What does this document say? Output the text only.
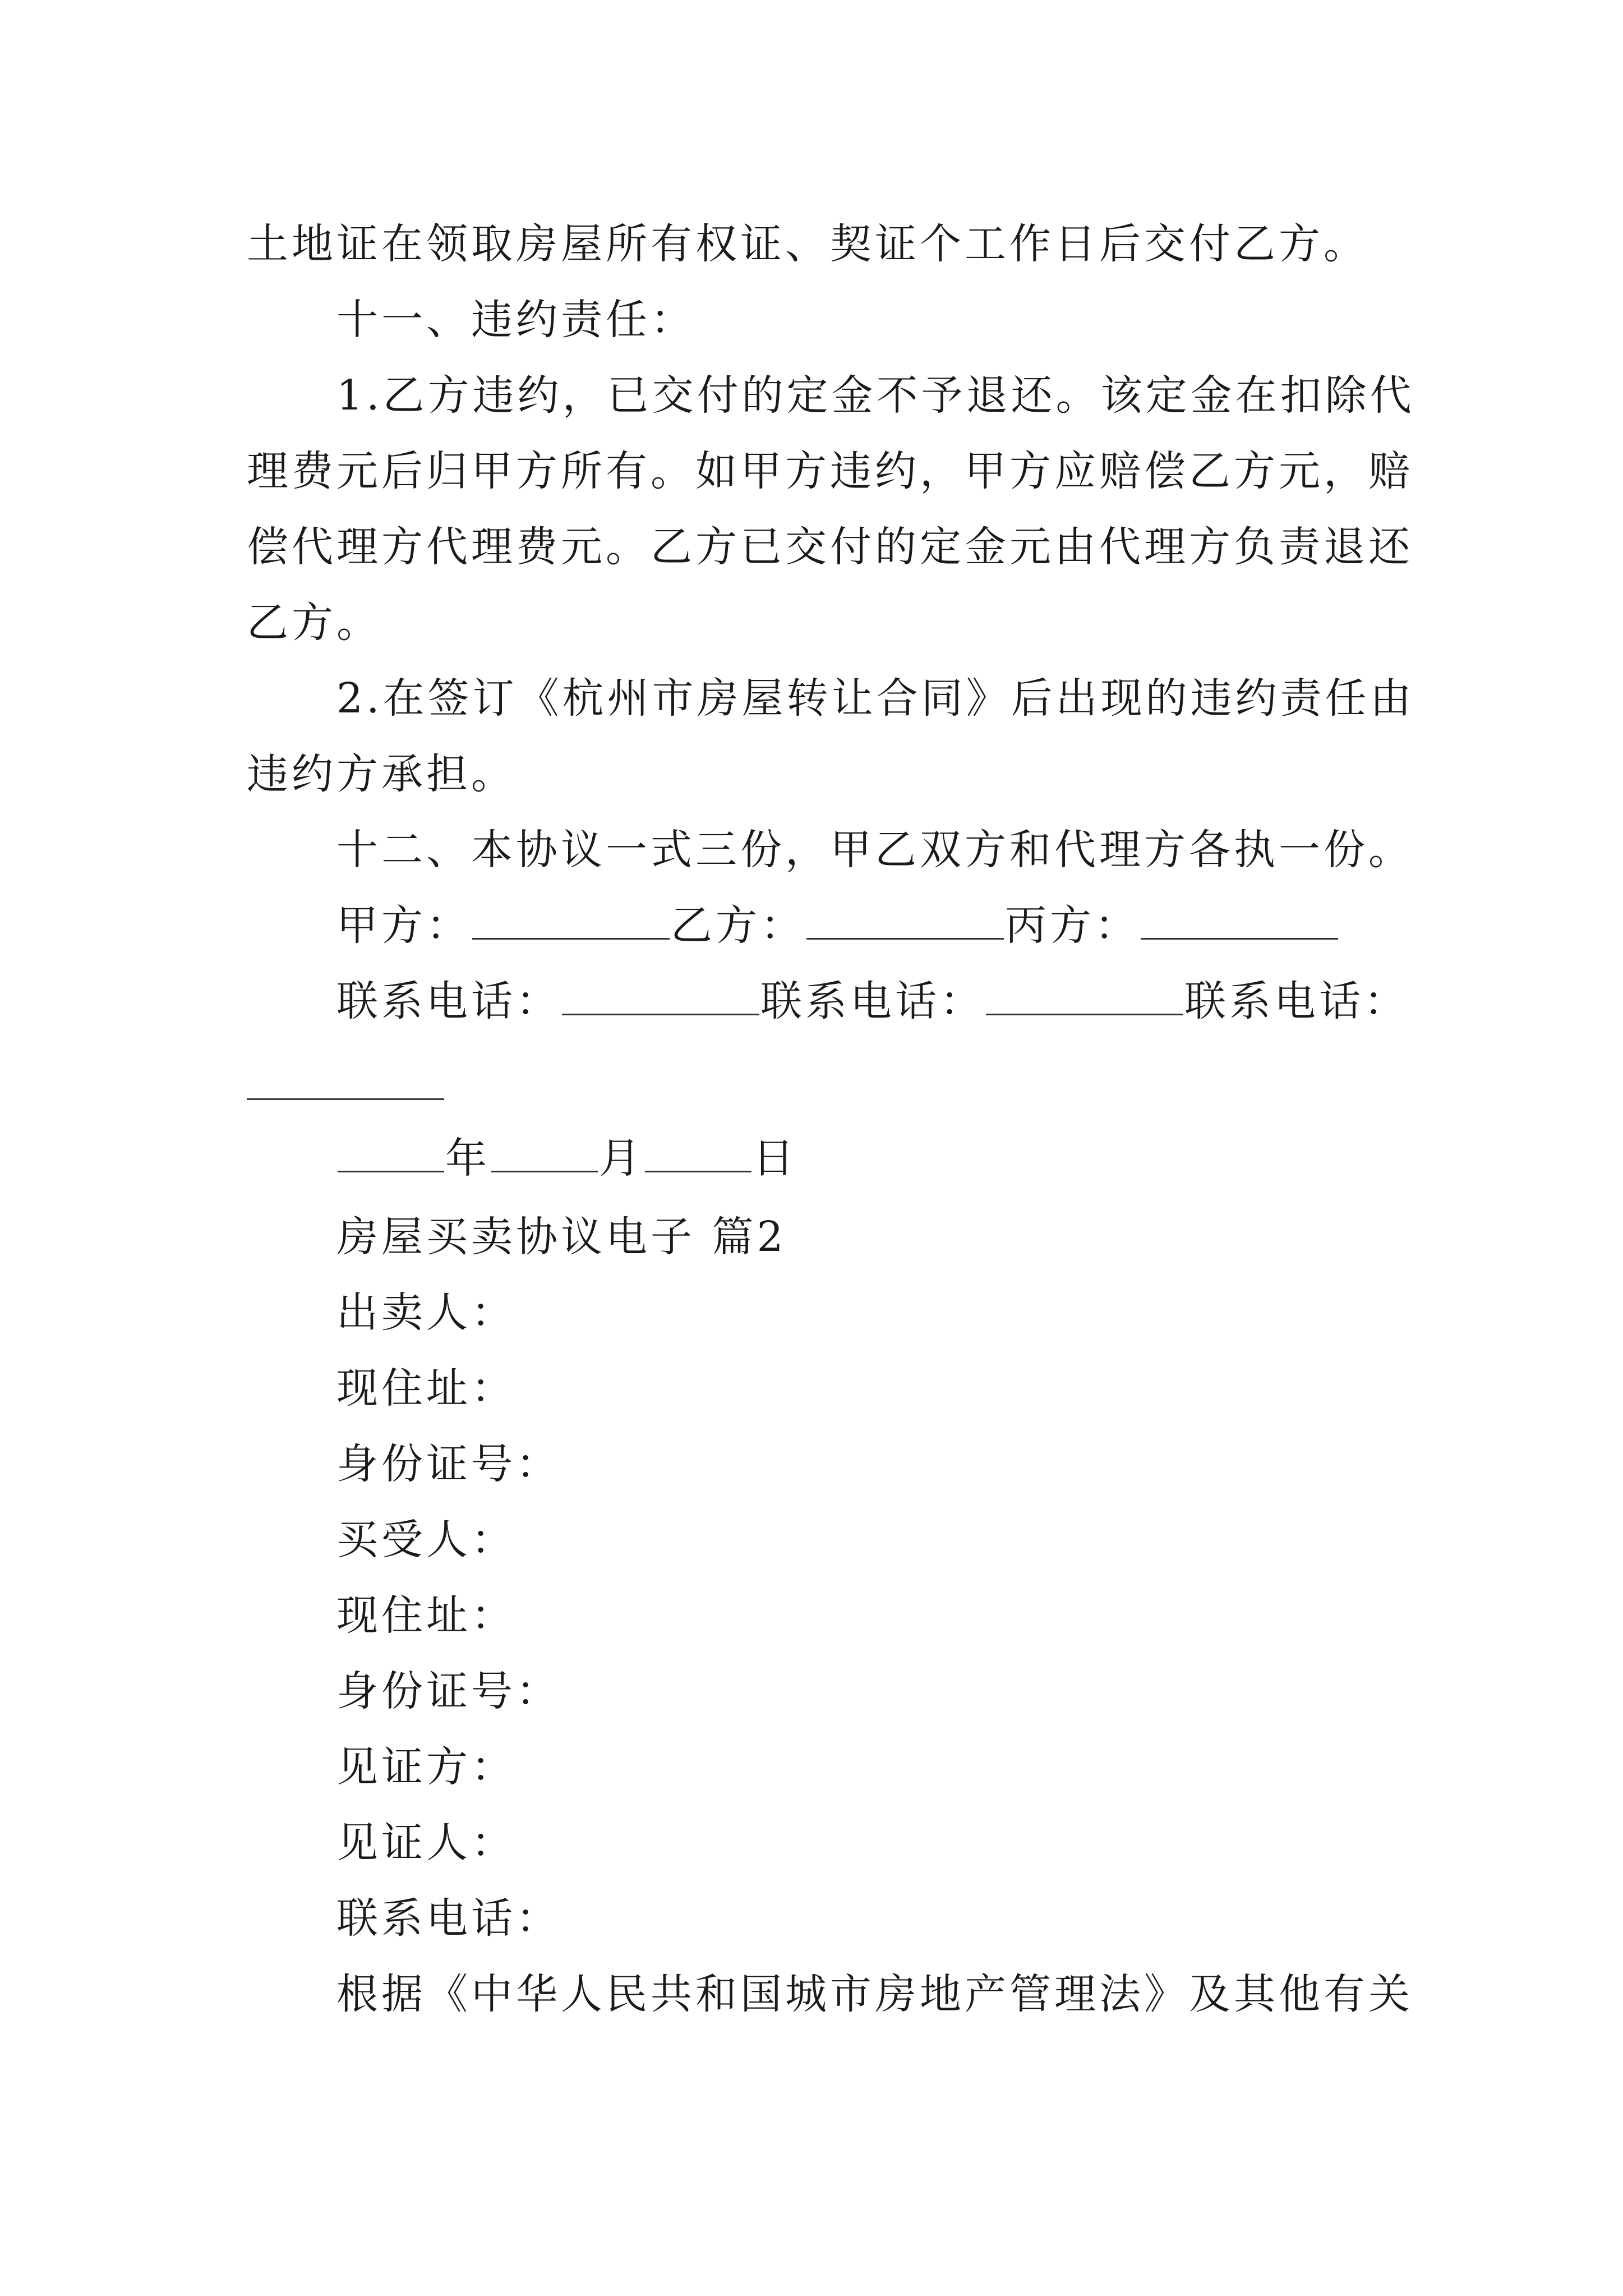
土地证在领取房屋所有权证、契证个工作日后交付乙方。
十一、违约责任：
1.乙方违约，已交付的定金不予退还。该定金在扣除代
理费元后归甲方所有。如甲方违约，甲方应赔偿乙方元，赔
偿代理方代理费元。乙方已交付的定金元由代理方负责退还
乙方。
2.在签订《杭州市房屋转让合同》后出现的违约责任由
违约方承担。
十二、本协议一式三份，甲乙双方和代理方各执一份。
甲方：	乙方：	丙方：
联系电话：	联系电话：	联系电话：
年	月	日
房屋买卖协议电子 篇2
出卖人：
现住址：
身份证号：
买受人：
现住址：
身份证号：
见证方：
见证人：
联系电话：
根据《中华人民共和国城市房地产管理法》及其他有关
